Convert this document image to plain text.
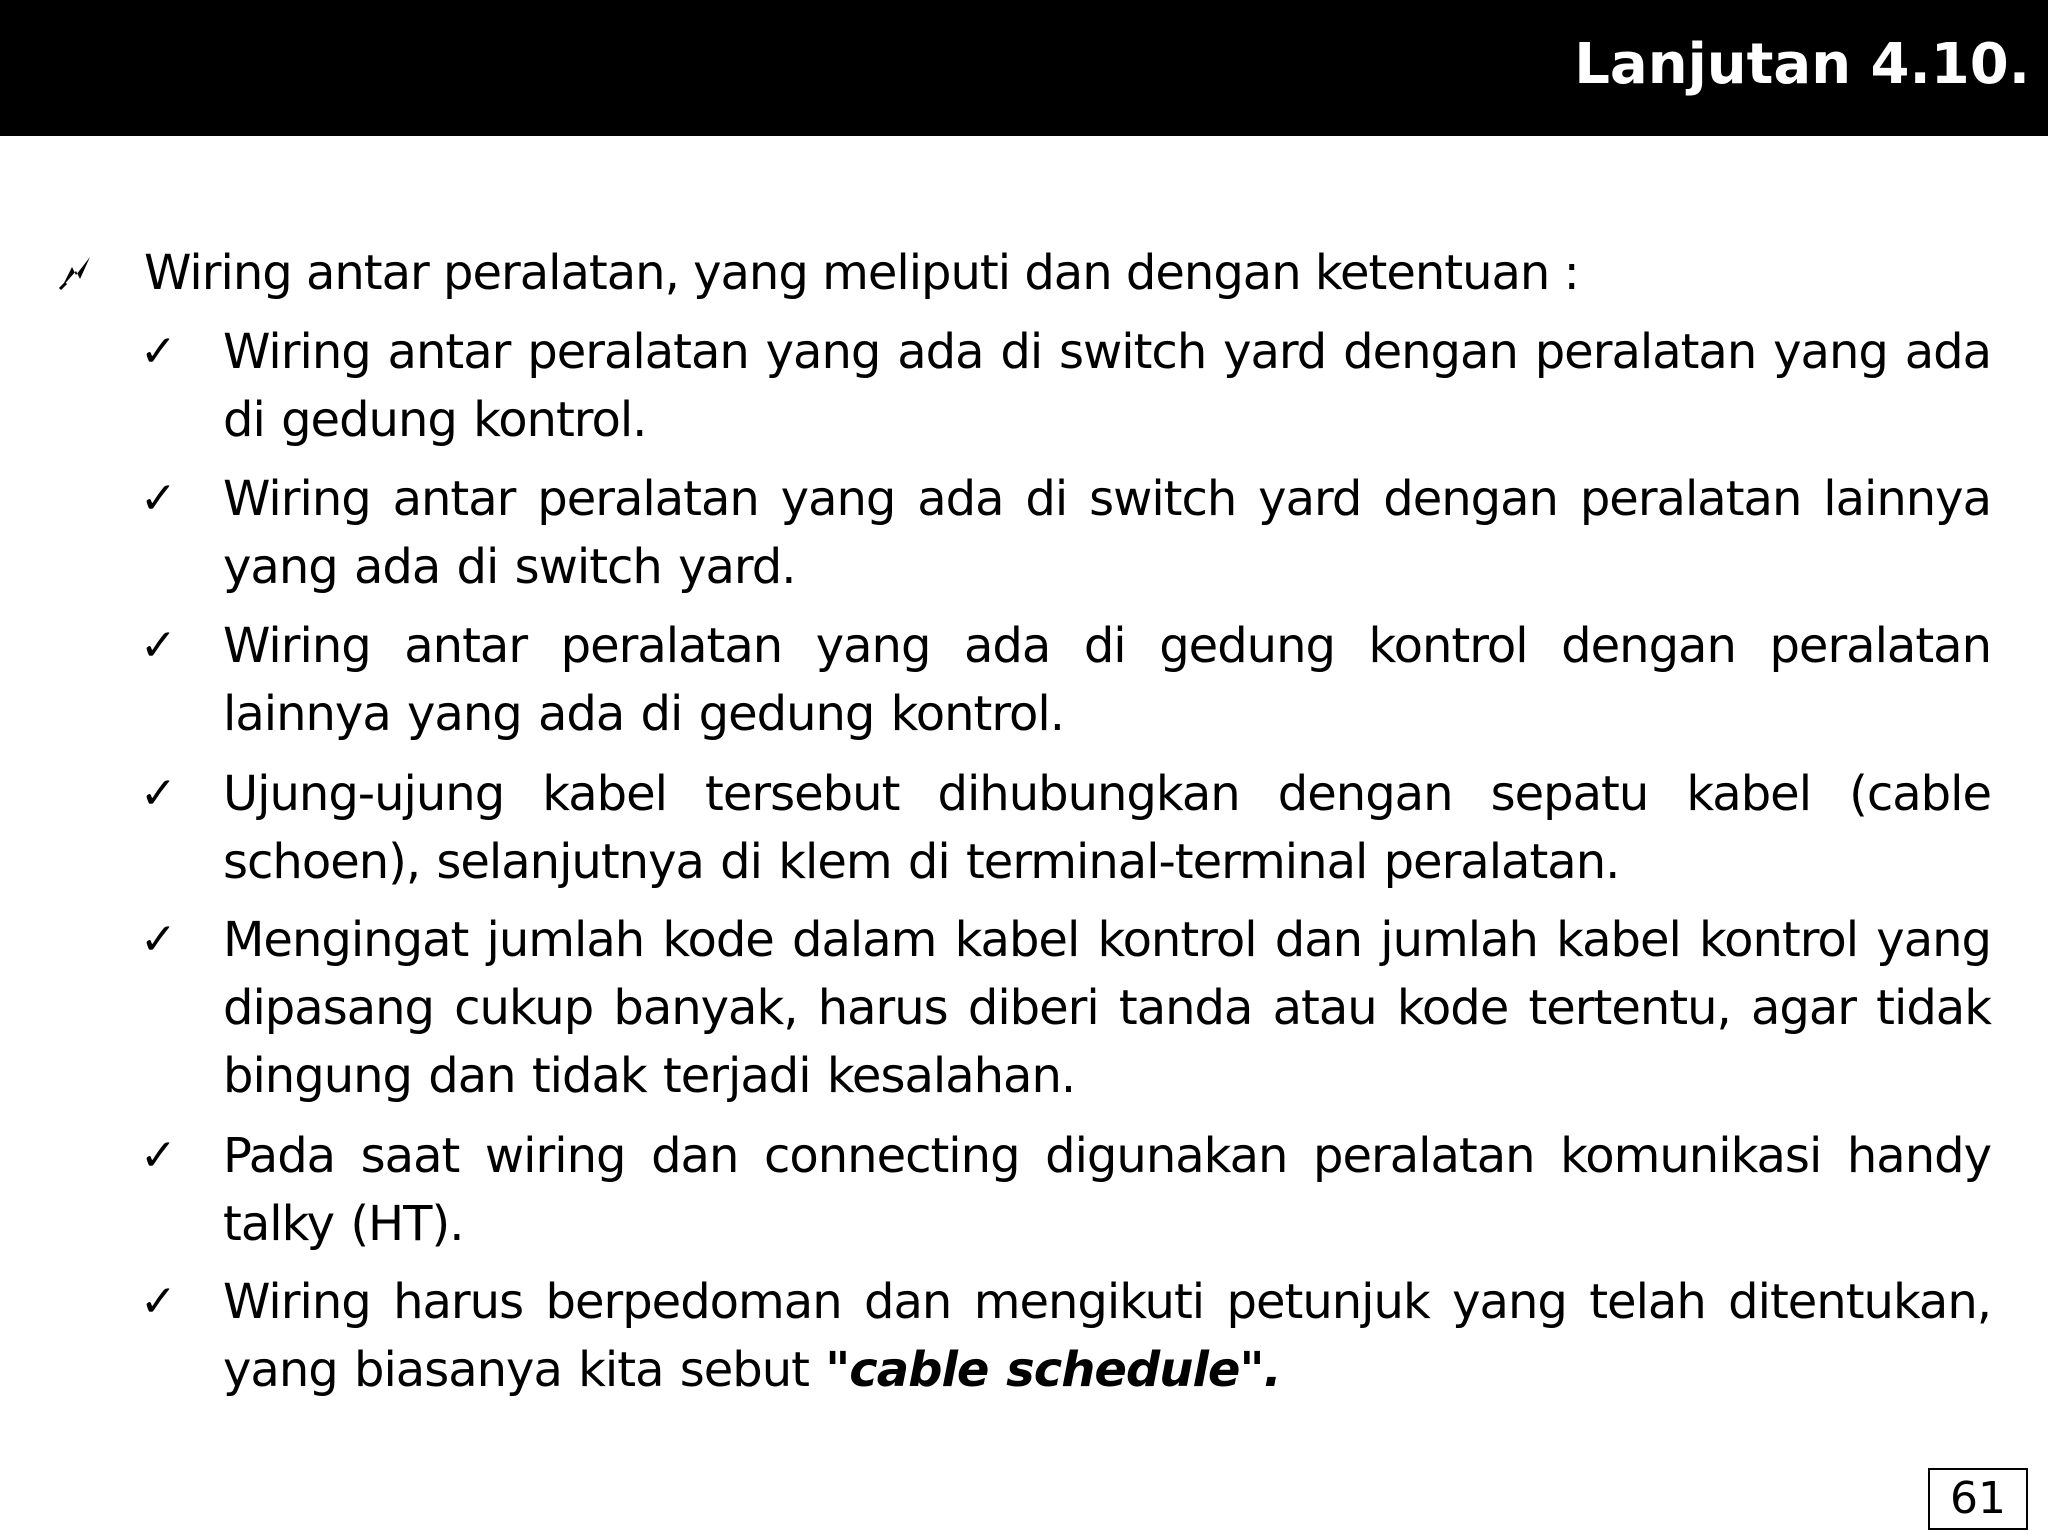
Lanjutan 4.10.
Wiring antar peralatan, yang meliputi dan dengan ketentuan :
✓ Wiring antar peralatan yang ada di switch yard dengan peralatan yang ada di gedung kontrol.
✓ Wiring antar peralatan yang ada di switch yard dengan peralatan lainnya yang ada di switch yard.
✓ Wiring antar peralatan yang ada di gedung kontrol dengan peralatan lainnya yang ada di gedung kontrol.
✓ Ujung-ujung kabel tersebut dihubungkan dengan sepatu kabel (cable schoen), selanjutnya di klem di terminal-terminal peralatan.
✓ Mengingat jumlah kode dalam kabel kontrol dan jumlah kabel kontrol yang dipasang cukup banyak, harus diberi tanda atau kode tertentu, agar tidak bingung dan tidak terjadi kesalahan.
✓ Pada saat wiring dan connecting digunakan peralatan komunikasi handy talky (HT).
✓ Wiring harus berpedoman dan mengikuti petunjuk yang telah ditentukan, yang biasanya kita sebut "cable schedule".
61
